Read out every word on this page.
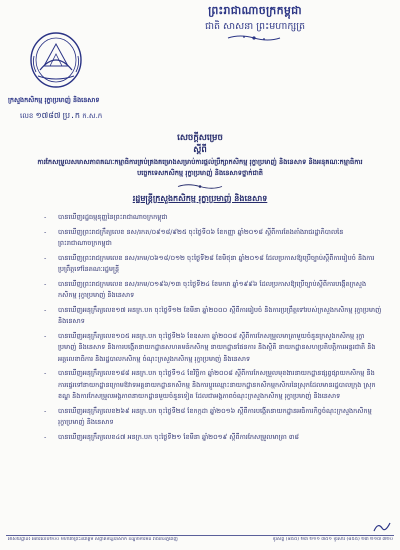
ព្រះរាជាណាចក្រកម្ពុជា
ជាតិ សាសនា ព្រះមហាក្សត្រ
ក្រសួងកសិកម្ម រុក្ខាប្រមាញ់ និងនេសាទ
លេខ ១៧៨៧ ប្រ.ក ក.ស.ក
សេចក្តីសម្រេច
ស្តីពី
ការកែសម្រួលសមាសភាពគណៈកម្មាធិការគ្រប់គ្រងគម្រោងសម្រាប់ការផ្តល់ប្រឹក្សាកសិកម្ម រុក្ខាប្រមាញ់ និងនេសាទ និងអនុគណៈកម្មាធិការបច្ចេកទេសកសិកម្ម រុក្ខាប្រមាញ់ និងនេសាទថ្នាក់ជាតិ
រដ្ឋមន្ត្រីក្រសួងកសិកម្ម រុក្ខាប្រមាញ់ និងនេសាទ
- បានឃើញរដ្ឋធម្មនុញ្ញនៃព្រះរាជាណាចក្រកម្ពុជា
- បានឃើញព្រះរាជក្រឹត្យលេខ នស/រកត/០៩១៨/៩២៥ ចុះថ្ងៃទី០៦ ខែកញ្ញា ឆ្នាំ២០១៨ ស្តីពីការតែងតាំងរាជរដ្ឋាភិបាលនៃព្រះរាជាណាចក្រកម្ពុជា
- បានឃើញព្រះរាជក្រមលេខ នស/រកម/០៦១៨/០១២ ចុះថ្ងៃទី២៨ ខែមិថុនា ឆ្នាំ២០១៨ ដែលប្រកាសឱ្យប្រើច្បាប់ស្តីពីការរៀបចំ និងការប្រព្រឹត្តទៅនៃគណៈរដ្ឋមន្ត្រី
- បានឃើញព្រះរាជក្រមលេខ នស/រកម/០១៩៦/១៣ ចុះថ្ងៃទី២៤ ខែមករា ឆ្នាំ១៩៩៦ ដែលប្រកាសឱ្យប្រើច្បាប់ស្តីពីការបង្កើតក្រសួងកសិកម្ម រុក្ខាប្រមាញ់ និងនេសាទ
- បានឃើញអនុក្រឹត្យលេខ១៧ អនក្រ.បក ចុះថ្ងៃទី១២ ខែមីនា ឆ្នាំ២០០០ ស្តីពីការរៀបចំ និងការប្រព្រឹត្តទៅរបស់ក្រសួងកសិកម្ម រុក្ខាប្រមាញ់ និងនេសាទ
- បានឃើញអនុក្រឹត្យលេខ១០៥ អនក្រ.បក ចុះថ្ងៃទី២៦ ខែឧសភា ឆ្នាំ២០០៨ ស្តីពីការកែសម្រួលមាត្រាមួយចំនួនក្រសួងកសិកម្ម រុក្ខាប្រមាញ់ និងនេសាទ និងការបង្កើតនាយកដ្ឋានសហគមន៍កសិកម្ម នាយកដ្ឋានផែនការ និងស្ថិតិ នាយកដ្ឋានសហប្រតិបត្តិការអន្តរជាតិ និងអគ្គលេខាធិការ និងរដ្ឋបាលកសិកម្ម ចំណុះក្រសួងកសិកម្ម រុក្ខាប្រមាញ់ និងនេសាទ
- បានឃើញអនុក្រឹត្យលេខ១៨៨ អនក្រ.បក ចុះថ្ងៃទី១៤ ខែវិច្ឆិកា ឆ្នាំ២០០៨ ស្តីពីការកែសម្រួលមុខងារនាយកដ្ឋានផ្សព្វផ្សាយកសិកម្ម និងការផ្ទេរទៅនាយកដ្ឋានក្រោមឱវាទអគ្គនាយកដ្ឋានកសិកម្ម និងការប្តូរឈ្មោះនាយកដ្ឋានកសិកម្មកសិករនៃស្រុកដែលមានរដ្ឋបាលក្រុង ស្រុក ខណ្ឌ និងការកែសម្រួលអង្គភាពនាយកដ្ឋានមួយចំនួនទៀត ដែលជាអង្គភាពចំណុះក្រសួងកសិកម្ម រុក្ខាប្រមាញ់ និងនេសាទ
- បានឃើញអនុក្រឹត្យលេខ២៦៩ អនក្រ.បក ចុះថ្ងៃទី២៨ ខែកក្កដា ឆ្នាំ២០១៦ ស្តីពីការបង្កើតនាយកដ្ឋានអធិការកិច្ចចំណុះក្រសួងកសិកម្ម រុក្ខាប្រមាញ់ និងនេសាទ
- បានឃើញអនុក្រឹត្យលេខ៤៧ អនក្រ.បក ចុះថ្ងៃទី២១ ខែមីនា ឆ្នាំ២០១៩ ស្តីពីការកែសម្រួលមាត្រា ៣៨
អាសយដ្ឋាន៖ អគារលេខ២០០ មហាវិថីព្រះនរោត្តម សង្កាត់ទន្លេបាសាក់ ខណ្ឌចំការមន រាជធានីភ្នំពេញ	ទូរស័ព្ទ (៨៥៥) ២៣ ២១១ ៣៥១ ទូរសារ (៨៥៥) ២៣ ២១៧ ៣២០
